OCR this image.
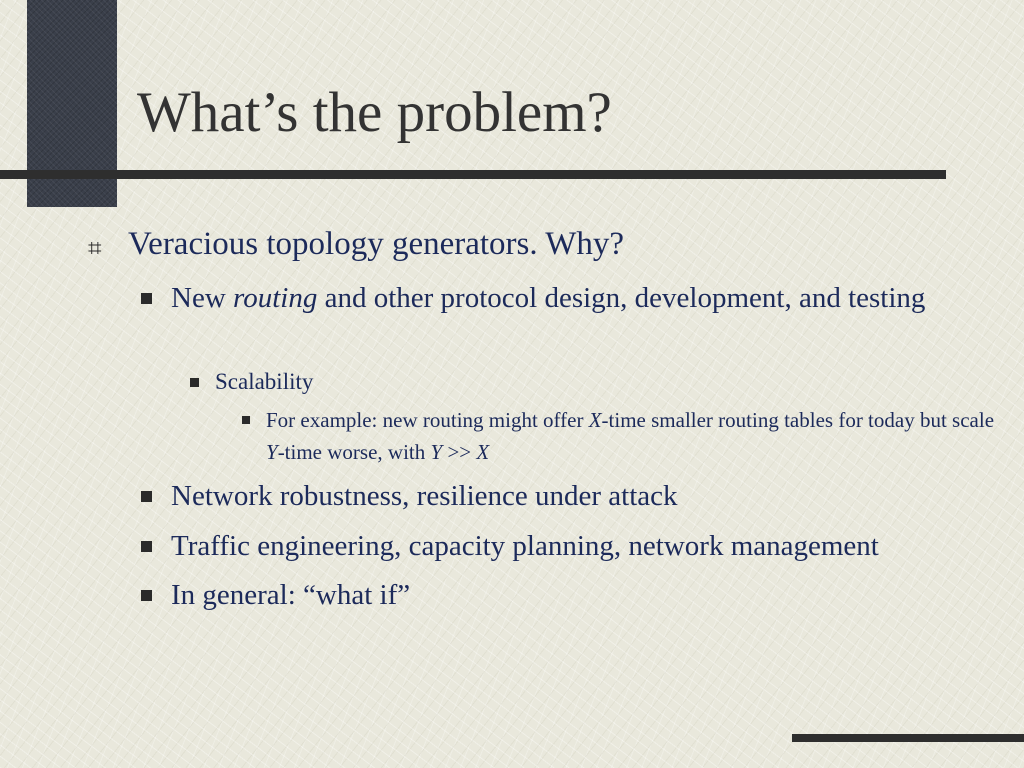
What’s the problem?
⌗ Veracious topology generators. Why?

New routing and other protocol design, development, and testing

Scalability

For example: new routing might offer X-time smaller routing tables for today but scale Y-time worse, with Y >> X

Network robustness, resilience under attack

Traffic engineering, capacity planning, network management

In general: “what if”
